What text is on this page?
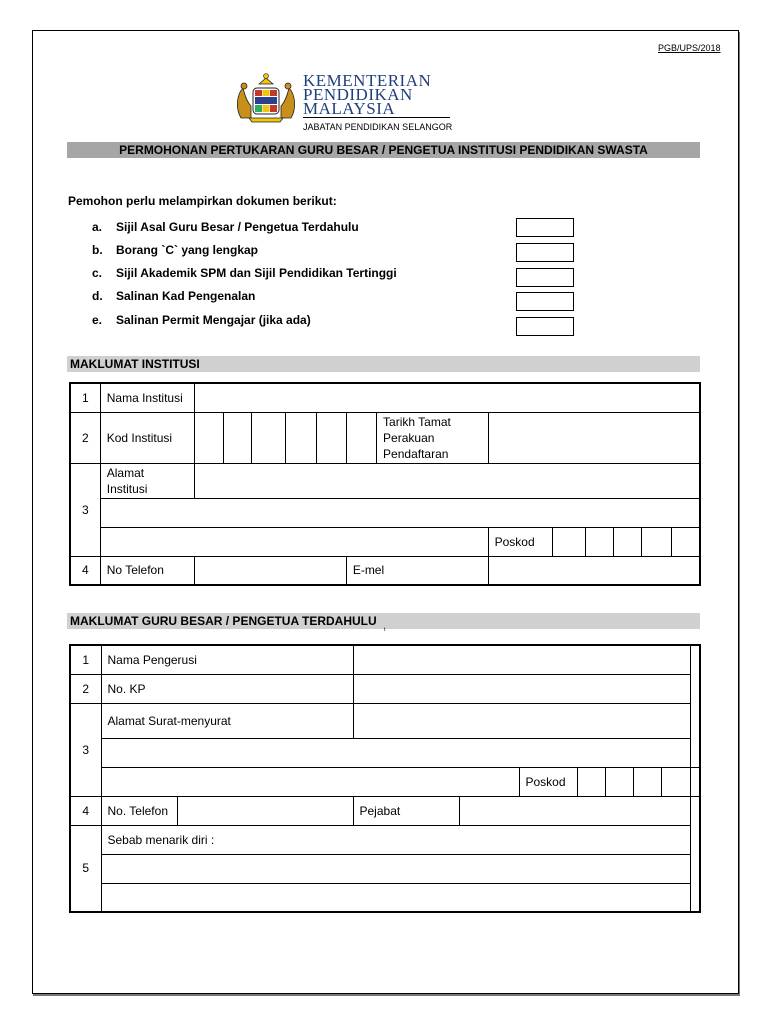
PGB/UPS/2018
KEMENTERIAN
PENDIDIKAN
MALAYSIA
JABATAN PENDIDIKAN SELANGOR
PERMOHONAN PERTUKARAN GURU BESAR / PENGETUA INSTITUSI PENDIDIKAN SWASTA
Pemohon perlu melampirkan dokumen berikut:
a. Sijil Asal Guru Besar / Pengetua Terdahulu
b. Borang `C` yang lengkap
c. Sijil Akademik SPM dan Sijil Pendidikan Tertinggi
d. Salinan Kad Pengenalan
e. Salinan Permit Mengajar (jika ada)
MAKLUMAT INSTITUSI
1	Nama Institusi													
2	Kod Institusi							Tarikh Tamat Perakuan Pendaftaran						
3	Alamat Institusi													

									Poskod					
4	No Telefon						E-mel							
MAKLUMAT GURU BESAR / PENGETUA TERDAHULU
t
1	Nama Pengerusi									
2	No. KP									
3	Alamat Surat-menyurat									

					Poskod					
4	No. Telefon		Pejabat							
5	Sebab menarik diri :									
